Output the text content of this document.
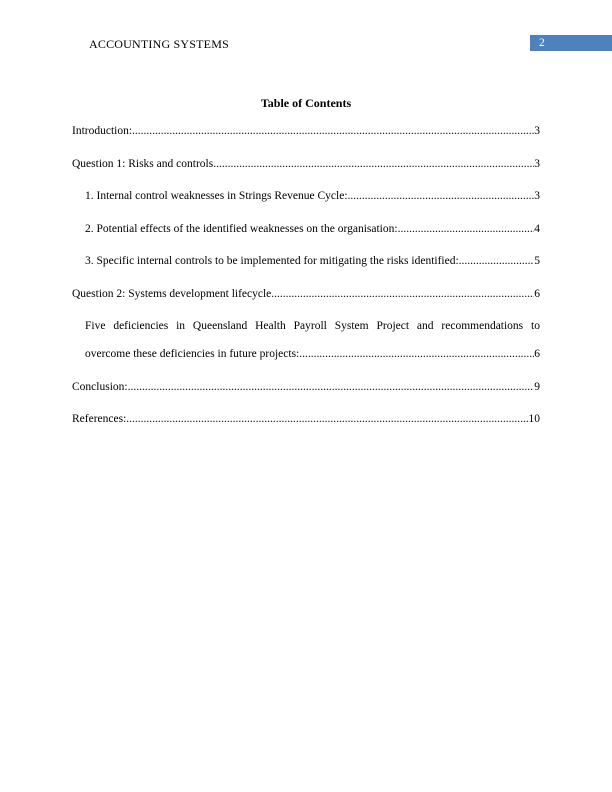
ACCOUNTING SYSTEMS	2
Table of Contents
Introduction: .....	3
Question 1: Risks and controls .....	3
1. Internal control weaknesses in Strings Revenue Cycle: .....	3
2. Potential effects of the identified weaknesses on the organisation: .....	4
3. Specific internal controls to be implemented for mitigating the risks identified: .....	5
Question 2: Systems development lifecycle .....	6
Five deficiencies in Queensland Health Payroll System Project and recommendations to
overcome these deficiencies in future projects: .....	6
Conclusion: .....	9
References: .....	10
